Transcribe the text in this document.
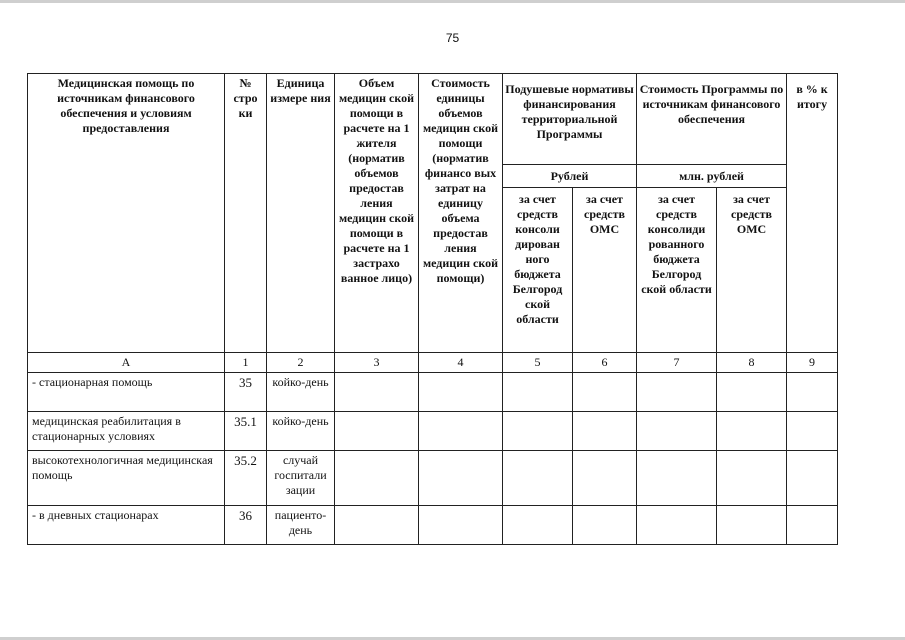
75
Медицинская помощь по источникам финансового обеспечения и условиям предоставления	№ стро ки	Единица измере ния	Объем медицин ской помощи в расчете на 1 жителя (норматив объемов предостав ления медицин ской помощи в расчете на 1 застрахо ванное лицо)	Стоимость единицы объемов медицин ской помощи (норматив финансо вых затрат на единицу объема предостав ления медицин ской помощи)	Подушевые нормативы финансирования территориальной Программы		Стоимость Программы по источникам финансового обеспечения		в % к итогу
					Рублей		млн. рублей		
					за счет средств консоли дирован ного бюджета Белгород ской области	за счет средств ОМС	за счет средств консолиди рованного бюджета Белгород ской области	за счет средств ОМС	
А	1	2	3	4	5	6	7	8	9
- стационарная помощь	35	койко-день							
медицинская реабилитация в стационарных условиях	35.1	койко-день							
высокотехнологичная медицинская помощь	35.2	случай госпитали зации							
- в дневных стационарах	36	пациенто-день							
